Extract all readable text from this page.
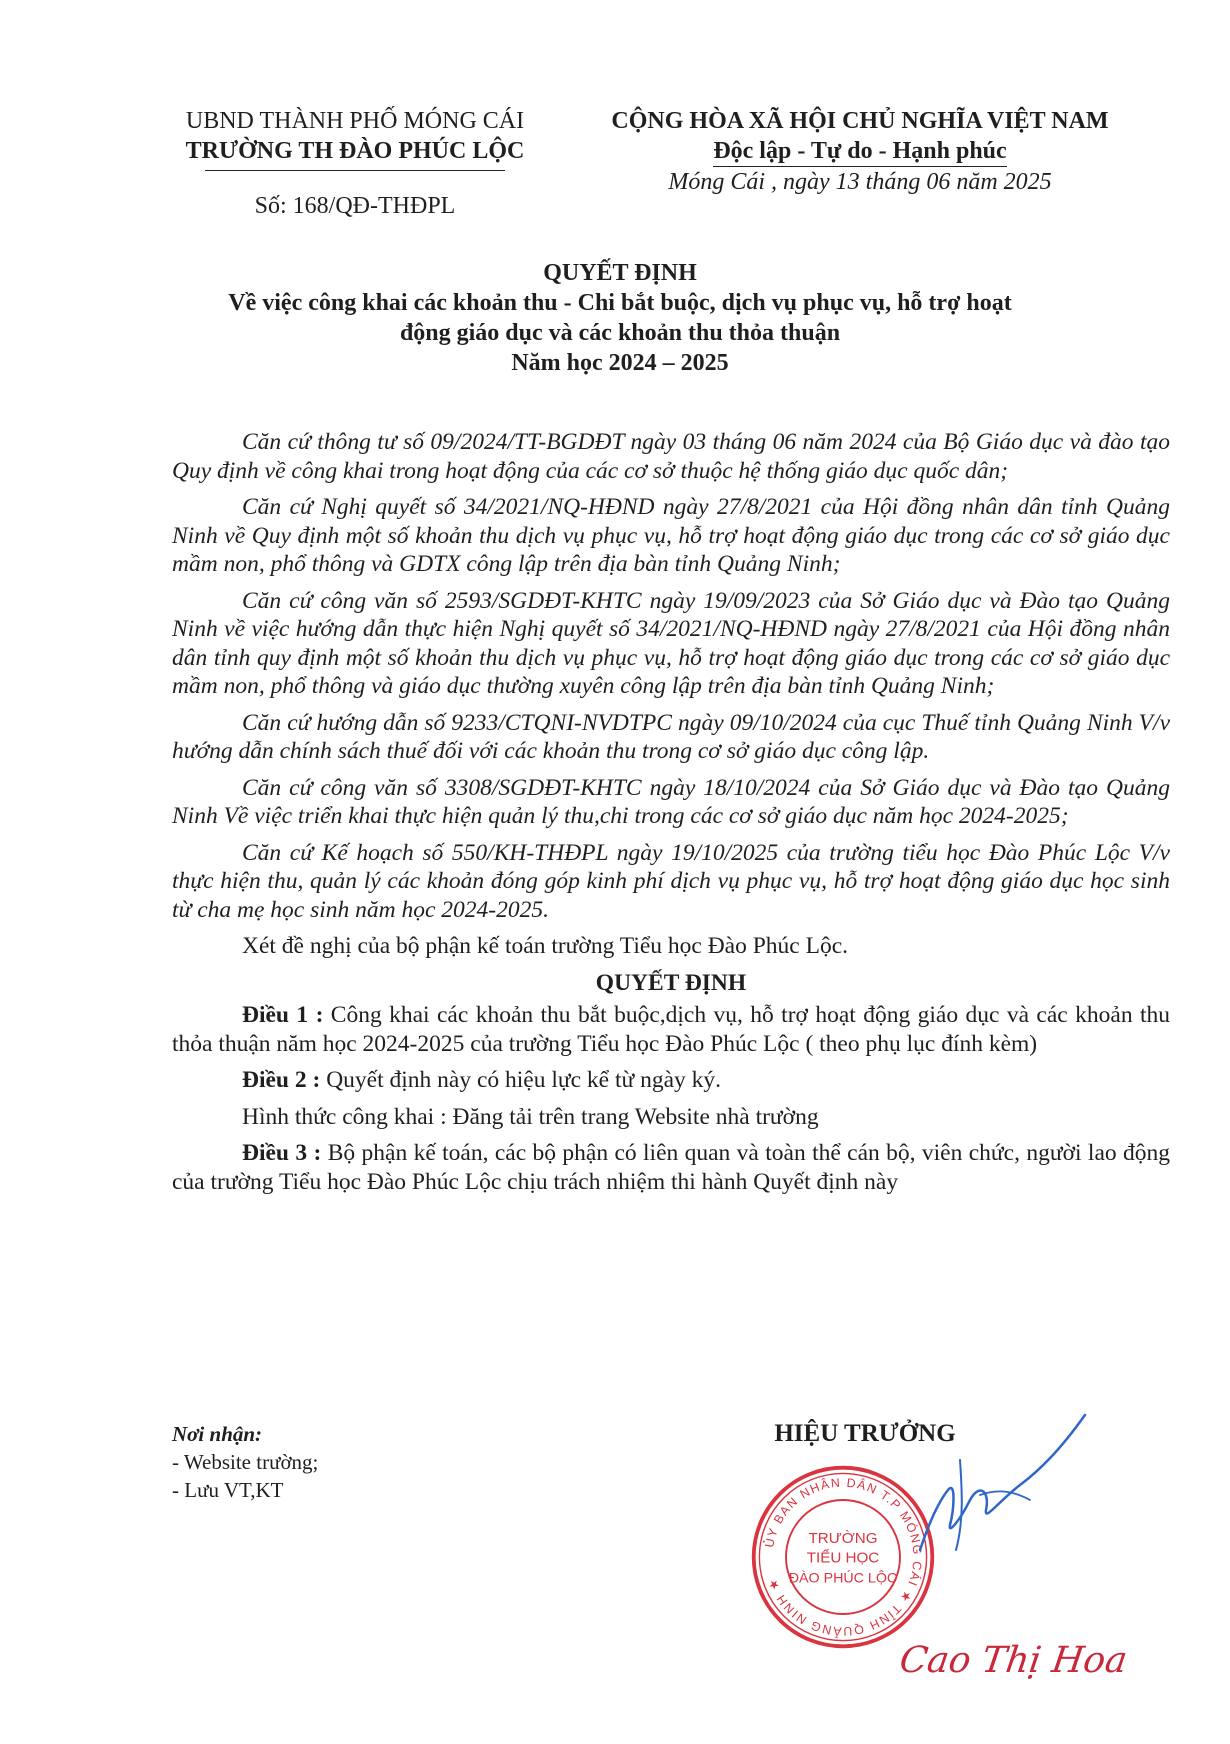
UBND THÀNH PHỐ MÓNG CÁI
TRƯỜNG TH ĐÀO PHÚC LỘC
Số: 168/QĐ-THĐPL
CỘNG HÒA XÃ HỘI CHỦ NGHĨA VIỆT NAM
Độc lập - Tự do - Hạnh phúc
Móng Cái , ngày 13 tháng 06 năm 2025
QUYẾT ĐỊNH
Về việc công khai các khoản thu - Chi bắt buộc, dịch vụ phục vụ, hỗ trợ hoạt
động giáo dục và các khoản thu thỏa thuận
Năm học 2024 – 2025

Căn cứ thông tư số 09/2024/TT-BGDĐT ngày 03 tháng 06 năm 2024 của Bộ Giáo dục và đào tạo Quy định về công khai trong hoạt động của các cơ sở thuộc hệ thống giáo dục quốc dân;

Căn cứ Nghị quyết số 34/2021/NQ-HĐND ngày 27/8/2021 của Hội đồng nhân dân tỉnh Quảng Ninh về Quy định một số khoản thu dịch vụ phục vụ, hỗ trợ hoạt động giáo dục trong các cơ sở giáo dục mầm non, phổ thông và GDTX công lập trên địa bàn tỉnh Quảng Ninh;

Căn cứ công văn số 2593/SGDĐT-KHTC ngày 19/09/2023 của Sở Giáo dục và Đào tạo Quảng Ninh về việc hướng dẫn thực hiện Nghị quyết số 34/2021/NQ-HĐND ngày 27/8/2021 của Hội đồng nhân dân tỉnh quy định một số khoản thu dịch vụ phục vụ, hỗ trợ hoạt động giáo dục trong các cơ sở giáo dục mầm non, phổ thông và giáo dục thường xuyên công lập trên địa bàn tỉnh Quảng Ninh;

Căn cứ hướng dẫn số 9233/CTQNI-NVDTPC ngày 09/10/2024 của cục Thuế tỉnh Quảng Ninh V/v hướng dẫn chính sách thuế đối với các khoản thu trong cơ sở giáo dục công lập.

Căn cứ công văn số 3308/SGDĐT-KHTC ngày 18/10/2024 của Sở Giáo dục và Đào tạo Quảng Ninh Về việc triển khai thực hiện quản lý thu,chi trong các cơ sở giáo dục năm học 2024-2025;

Căn cứ Kế hoạch số 550/KH-THĐPL ngày 19/10/2025 của trường tiểu học Đào Phúc Lộc V/v thực hiện thu, quản lý các khoản đóng góp kinh phí dịch vụ phục vụ, hỗ trợ hoạt động giáo dục học sinh từ cha mẹ học sinh năm học 2024-2025.

Xét đề nghị của bộ phận kế toán trường Tiểu học Đào Phúc Lộc.

QUYẾT ĐỊNH

Điều 1 : Công khai các khoản thu bắt buộc,dịch vụ, hỗ trợ hoạt động giáo dục và các khoản thu thỏa thuận năm học 2024-2025 của trường Tiểu học Đào Phúc Lộc ( theo phụ lục đính kèm)

Điều 2 : Quyết định này có hiệu lực kể từ ngày ký.

Hình thức công khai : Đăng tải trên trang Website nhà trường

Điều 3 : Bộ phận kế toán, các bộ phận có liên quan và toàn thể cán bộ, viên chức, người lao động của trường Tiểu học Đào Phúc Lộc chịu trách nhiệm thi hành Quyết định này

Nơi nhận:
- Website trường;
- Lưu VT,KT
HIỆU TRƯỞNG
ỦY BAN NHÂN DÂN T.P MÓNG CÁI ★ TỈNH QUẢNG NINH ★
TRƯỜNG
TIỂU HỌC
ĐÀO PHÚC LỘC
Cao Thị Hoa
